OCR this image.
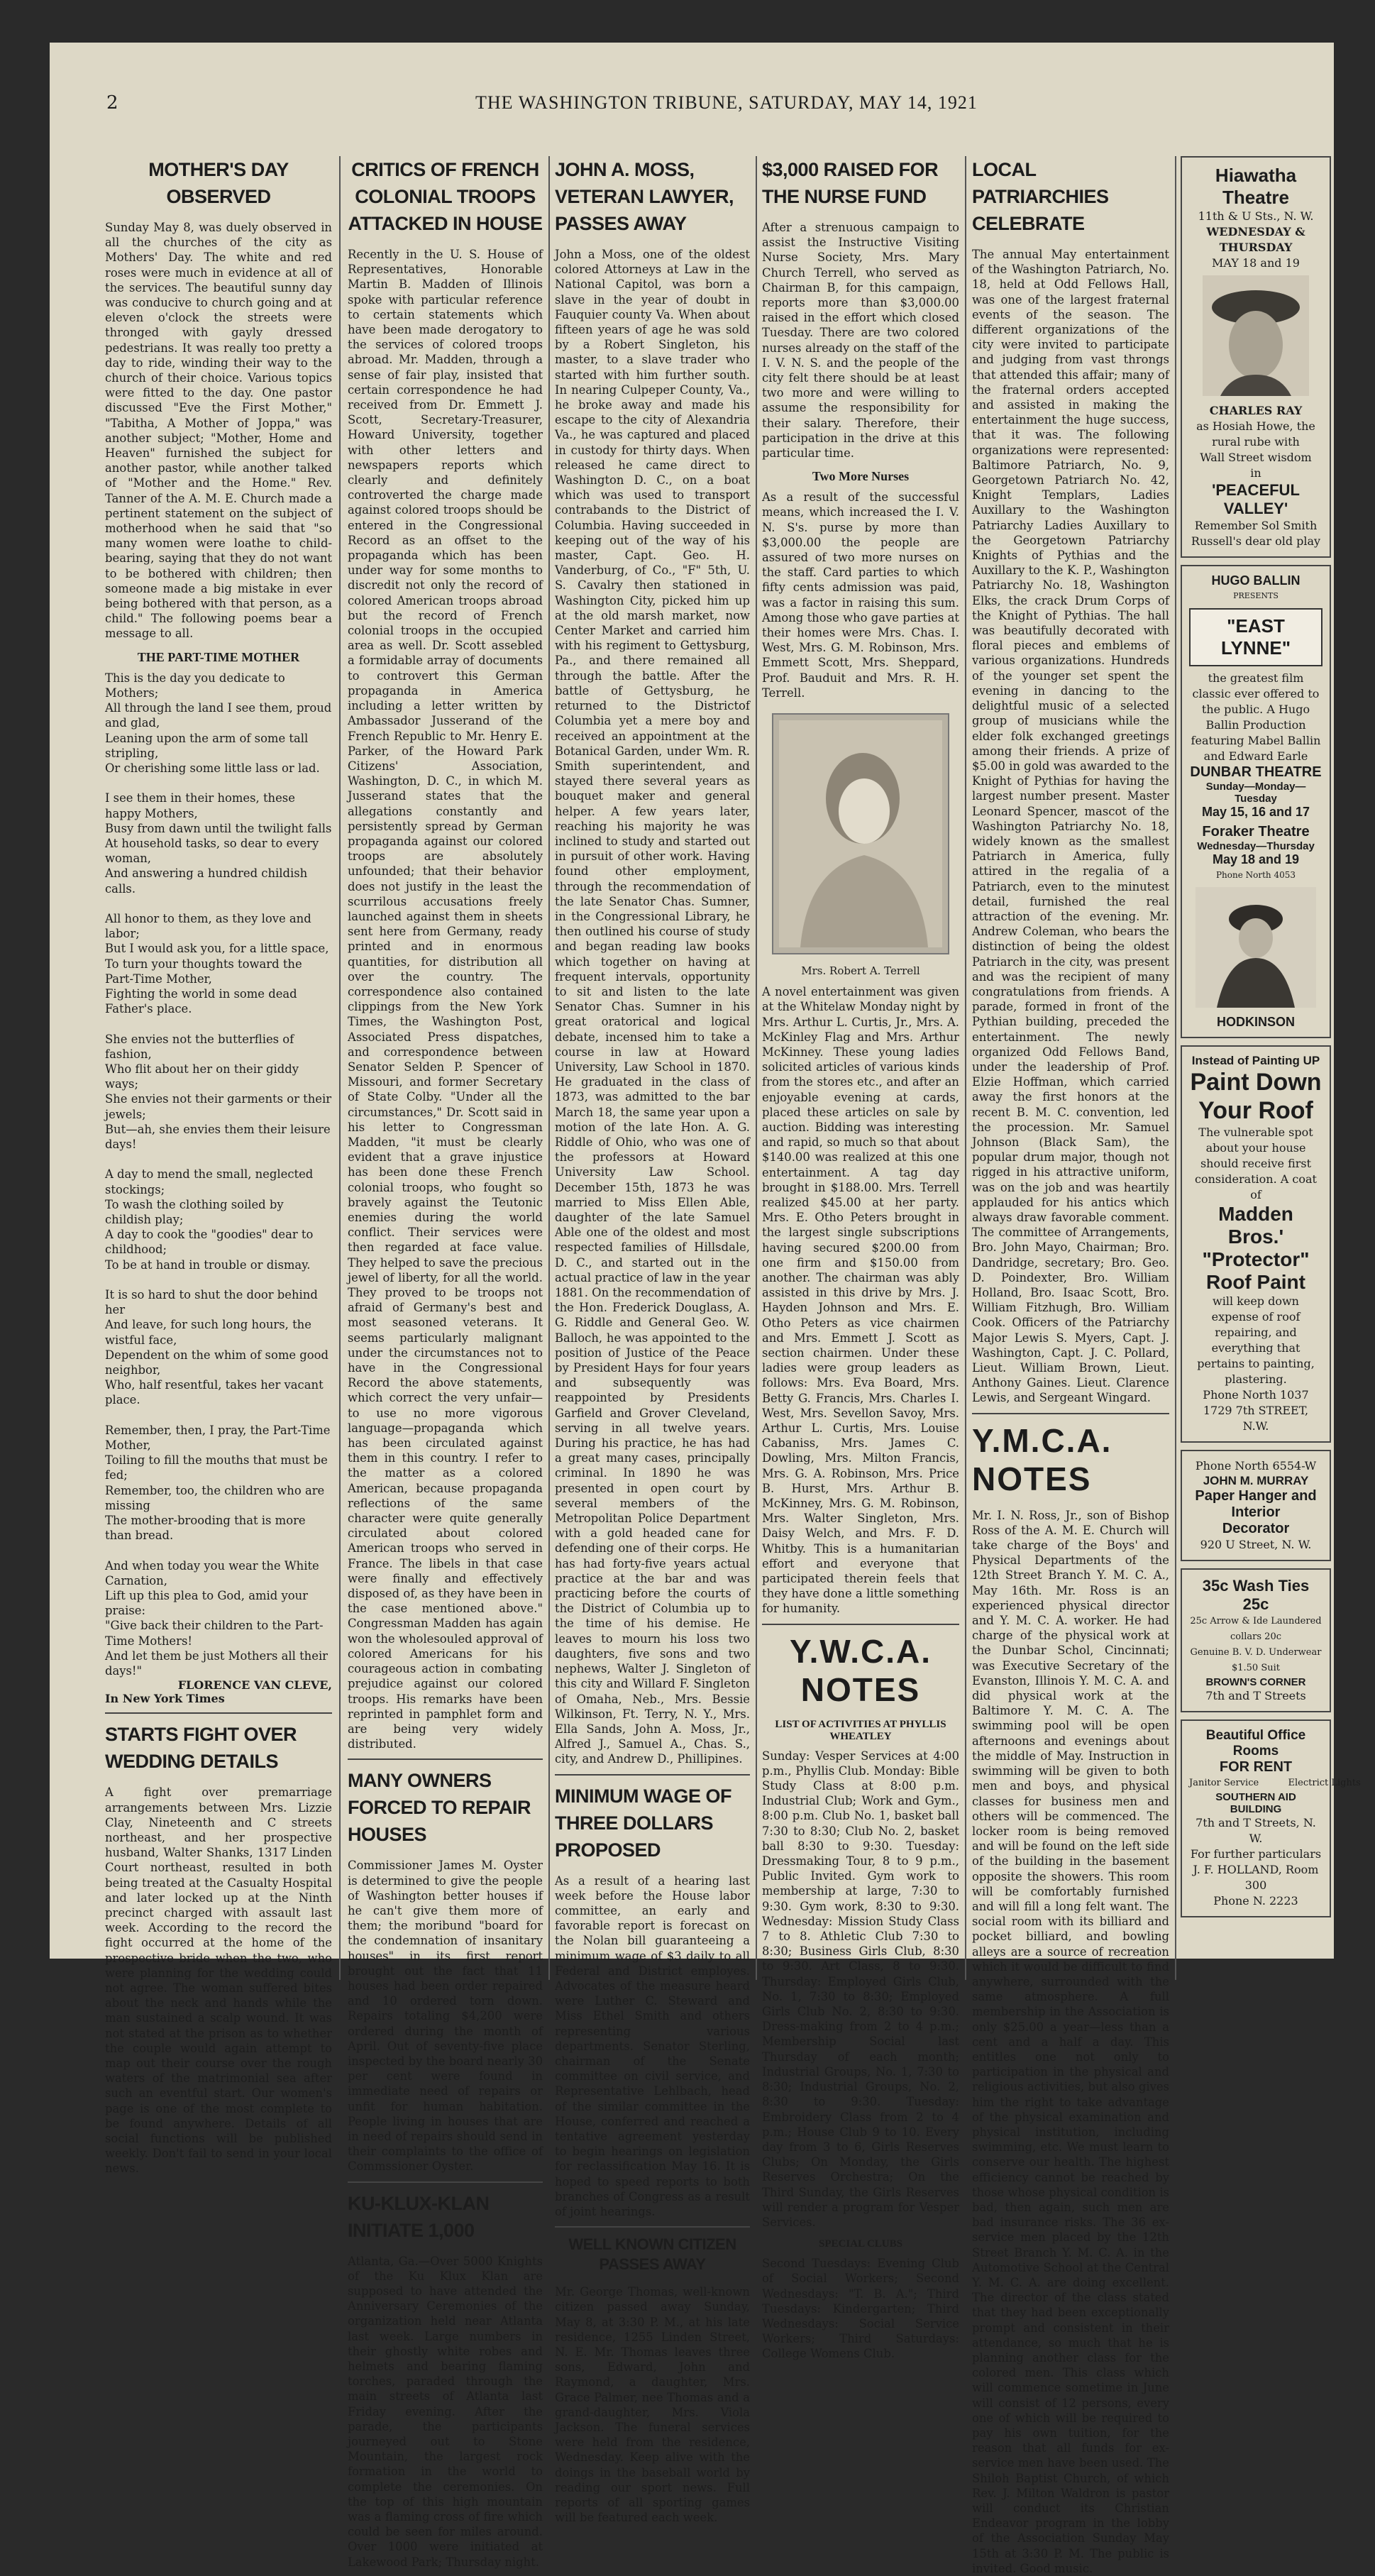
2	THE WASHINGTON TRIBUNE, SATURDAY, MAY 14, 1921
MOTHER'S DAY OBSERVED
Sunday May 8, was duely observed in all the churches of the city as Mothers' Day. The white and red roses were much in evidence at all of the services. The beautiful sunny day was conducive to church going and at eleven o'clock the streets were thronged with gayly dressed pedestrians. It was really too pretty a day to ride, winding their way to the church of their choice. Various topics were fitted to the day. One pastor discussed "Eve the First Mother," "Tabitha, A Mother of Joppa," was another subject; "Mother, Home and Heaven" furnished the subject for another pastor, while another talked of "Mother and the Home." Rev. Tanner of the A. M. E. Church made a pertinent statement on the subject of motherhood when he said that "so many women were loathe to child-bearing, saying that they do not want to be bothered with children; then someone made a big mistake in ever being bothered with that person, as a child." The following poems bear a message to all.
THE PART-TIME MOTHER
This is the day you dedicate to Mothers;
All through the land I see them, proud and glad,
Leaning upon the arm of some tall stripling,
Or cherishing some little lass or lad.

I see them in their homes, these happy Mothers,
Busy from dawn until the twilight falls
At household tasks, so dear to every woman,
And answering a hundred childish calls.

All honor to them, as they love and labor;
But I would ask you, for a little space,
To turn your thoughts toward the Part-Time Mother,
Fighting the world in some dead Father's place.

She envies not the butterflies of fashion,
Who flit about her on their giddy ways;
She envies not their garments or their jewels;
But—ah, she envies them their leisure days!

A day to mend the small, neglected stockings;
To wash the clothing soiled by childish play;
A day to cook the "goodies" dear to childhood;
To be at hand in trouble or dismay.

It is so hard to shut the door behind her
And leave, for such long hours, the wistful face,
Dependent on the whim of some good neighbor,
Who, half resentful, takes her vacant place.

Remember, then, I pray, the Part-Time Mother,
Toiling to fill the mouths that must be fed;
Remember, too, the children who are missing
The mother-brooding that is more than bread.

And when today you wear the White Carnation,
Lift up this plea to God, amid your praise:
"Give back their children to the Part-Time Mothers!
And let them be just Mothers all their days!"
FLORENCE VAN CLEVE,
In New York Times
STARTS FIGHT OVER WEDDING DETAILS
A fight over premarriage arrangements between Mrs. Lizzie Clay, Nineteenth and C streets northeast, and her prospective husband, Walter Shanks, 1317 Linden Court northeast, resulted in both being treated at the Casualty Hospital and later locked up at the Ninth precinct charged with assault last week. According to the record the fight occurred at the home of the prospective bride when the two, who were planning for the wedding could not agree. The woman suffered bites about the neck and hands while the man sustained a scalp wound. It was not stated at the prison as to whether the couple would again attempt to map out their course over the rough waters of the matrimonial sea after such an eventful start. Our women's page is one of the most complete to be found anywhere. Details of all social functions will be published weekly. Don't fail to send in your local news.
CRITICS OF FRENCH COLONIAL TROOPS ATTACKED IN HOUSE
Recently in the U. S. House of Representatives, Honorable Martin B. Madden of Illinois spoke with particular reference to certain statements which have been made derogatory to the services of colored troops abroad. Mr. Madden, through a sense of fair play, insisted that certain correspondence he had received from Dr. Emmett J. Scott, Secretary-Treasurer, Howard University, together with other letters and newspapers reports which clearly and definitely controverted the charge made against colored troops should be entered in the Congressional Record as an offset to the propaganda which has been under way for some months to discredit not only the record of colored American troops abroad but the record of French colonial troops in the occupied area as well. Dr. Scott assebled a formidable array of documents to controvert this German propaganda in America including a letter written by Ambassador Jusserand of the French Republic to Mr. Henry E. Parker, of the Howard Park Citizens' Association, Washington, D. C., in which M. Jusserand states that the allegations constantly and persistently spread by German propaganda against our colored troops are absolutely unfounded; that their behavior does not justify in the least the scurrilous accusations freely launched against them in sheets sent here from Germany, ready printed and in enormous quantities, for distribution all over the country. The correspondence also contained clippings from the New York Times, the Washington Post, Associated Press dispatches, and correspondence between Senator Selden P. Spencer of Missouri, and former Secretary of State Colby. "Under all the circumstances," Dr. Scott said in his letter to Congressman Madden, "it must be clearly evident that a grave injustice has been done these French colonial troops, who fought so bravely against the Teutonic enemies during the world conflict. Their services were then regarded at face value. They helped to save the precious jewel of liberty, for all the world. They proved to be troops not afraid of Germany's best and most seasoned veterans. It seems particularly malignant under the circumstances not to have in the Congressional Record the above statements, which correct the very unfair—to use no more vigorous language—propaganda which has been circulated against them in this country. I refer to the matter as a colored American, because propaganda reflections of the same character were quite generally circulated about colored American troops who served in France. The libels in that case were finally and effectively disposed of, as they have been in the case mentioned above." Congressman Madden has again won the wholesouled approval of colored Americans for his courageous action in combating prejudice against our colored troops. His remarks have been reprinted in pamphlet form and are being very widely distributed.
MANY OWNERS FORCED TO REPAIR HOUSES
Commissioner James M. Oyster is determined to give the people of Washington better houses if he can't give them more of them; the moribund "board for the condemnation of insanitary houses" in its first report brought out the fact that 11 houses had been order repaired and 10 ordered torn down. Repairs totaling $4,200 were ordered during the month of April. Out of seventy-five place inspected by the board nearly 30 per cent were found in immediate need of repairs or unfit for human habitation. People living in houses that are in need of repairs should send in their complaints to the office of Commssioner Oyster.
KU-KLUX-KLAN INITIATE 1,000
Atlanta, Ga.—Over 5000 Knights of the Ku Klux Klan are supposed to have attended the Anniversary Ceremonies of the organization held near Atlanta last week. Large numbers in their ghostly white robes and helmets and bearing flaming torches, paraded through the main streets of Atlanta last Friday evening. After the parade, the participants journeyed out to Stone Mountain, the largest rock formation in the world to complete the ceremonies. On the top of this high mountain was a flaming cross of fire which could be seen for miles around. Over 1000 were initiated at Lakewood Park; Thursday night.
JOHN A. MOSS, VETERAN LAWYER, PASSES AWAY
John a Moss, one of the oldest colored Attorneys at Law in the National Capitol, was born a slave in the year of doubt in Fauquier county Va. When about fifteen years of age he was sold by a Robert Singleton, his master, to a slave trader who started with him further south. In nearing Culpeper County, Va., he broke away and made his escape to the city of Alexandria Va., he was captured and placed in custody for thirty days. When released he came direct to Washington D. C., on a boat which was used to transport contrabands to the District of Columbia. Having succeeded in keeping out of the way of his master, Capt. Geo. H. Vanderburg, of Co., "F" 5th, U. S. Cavalry then stationed in Washington City, picked him up at the old marsh market, now Center Market and carried him with his regiment to Gettysburg, Pa., and there remained all through the battle. After the battle of Gettysburg, he returned to the Districtof Columbia yet a mere boy and received an appointment at the Botanical Garden, under Wm. R. Smith superintendent, and stayed there several years as bouquet maker and general helper. A few years later, reaching his majority he was inclined to study and started out in pursuit of other work. Having found other employment, through the recommendation of the late Senator Chas. Sumner, in the Congressional Library, he then outlined his course of study and began reading law books which together on having at frequent intervals, opportunity to sit and listen to the late Senator Chas. Sumner in his great oratorical and logical debate, incensed him to take a course in law at Howard University, Law School in 1870. He graduated in the class of 1873, was admitted to the bar March 18, the same year upon a motion of the late Hon. A. G. Riddle of Ohio, who was one of the professors at Howard University Law School. December 15th, 1873 he was married to Miss Ellen Able, daughter of the late Samuel Able one of the oldest and most respected families of Hillsdale, D. C., and started out in the actual practice of law in the year 1881. On the recommendation of the Hon. Frederick Douglass, A. G. Riddle and General Geo. W. Balloch, he was appointed to the position of Justice of the Peace by President Hays for four years and subsequently was reappointed by Presidents Garfield and Grover Cleveland, serving in all twelve years. During his practice, he has had a great many cases, principally criminal. In 1890 he was presented in open court by several members of the Metropolitan Police Department with a gold headed cane for defending one of their corps. He has had forty-five years actual practice at the bar and was practicing before the courts of the District of Columbia up to the time of his demise. He leaves to mourn his loss two daughters, five sons and two nephews, Walter J. Singleton of this city and Willard F. Singleton of Omaha, Neb., Mrs. Bessie Wilkinson, Ft. Terry, N. Y., Mrs. Ella Sands, John A. Moss, Jr., Alfred J., Samuel A., Chas. S., city, and Andrew D., Phillipines.
MINIMUM WAGE OF THREE DOLLARS PROPOSED
As a result of a hearing last week before the House labor committee, an early and favorable report is forecast on the Nolan bill guaranteeing a minimum wage of $3 daily to all Federal and District employes. Advocates of the measure heard were Luther C. Steward and Miss Ethel Smith and others representing various departments. Senator Sterling, chairman of the Senate committee on civil service, and Representative Lehlbach, head of the similar committee in the House, conferred and reached a tentative agreement yesterday to begin hearings on legislation for reclassification May 16. It is hoped to speed reports to both branches of Congress as a result of joint hearings.
WELL KNOWN CITIZEN PASSES AWAY
Mr. George Thomas, well-known citizen passed away Sunday, May 8, at 3:30 P. M., at his late residence, 1255 Linden Street, N. E. Mr. Thomas leaves three sons, Edward, John and Raymond, a daughter, Mrs. Grace Palmer, nee Thomas and a grand-daughter, Mrs. Viola Jackson. The funeral services were held from the residence, Wednesday. Keep alive with the doings in the baseball world by reading our sport news. Full reports of all sporting games will be featured each week.
$3,000 RAISED FOR THE NURSE FUND
After a strenuous campaign to assist the Instructive Visiting Nurse Society, Mrs. Mary Church Terrell, who served as Chairman B, for this campaign, reports more than $3,000.00 raised in the effort which closed Tuesday. There are two colored nurses already on the staff of the I. V. N. S. and the people of the city felt there should be at least two more and were willing to assume the responsibility for their salary. Therefore, their participation in the drive at this particular time.
Two More Nurses
As a result of the successful means, which increased the I. V. N. S's. purse by more than $3,000.00 the people are assured of two more nurses on the staff. Card parties to which fifty cents admission was paid, was a factor in raising this sum. Among those who gave parties at their homes were Mrs. Chas. I. West, Mrs. G. M. Robinson, Mrs. Emmett Scott, Mrs. Sheppard, Prof. Bauduit and Mrs. R. H. Terrell.
Mrs. Robert A. Terrell
A novel entertainment was given at the Whitelaw Monday night by Mrs. Arthur L. Curtis, Jr., Mrs. A. McKinley Flag and Mrs. Arthur McKinney. These young ladies solicited articles of various kinds from the stores etc., and after an enjoyable evening at cards, placed these articles on sale by auction. Bidding was interesting and rapid, so much so that about $140.00 was realized at this one entertainment. A tag day brought in $188.00. Mrs. Terrell realized $45.00 at her party. Mrs. E. Otho Peters brought in the largest single subscriptions having secured $200.00 from one firm and $150.00 from another. The chairman was ably assisted in this drive by Mrs. J. Hayden Johnson and Mrs. E. Otho Peters as vice chairmen and Mrs. Emmett J. Scott as section chairmen. Under these ladies were group leaders as follows: Mrs. Eva Board, Mrs. Betty G. Francis, Mrs. Charles I. West, Mrs. Sevellon Savoy, Mrs. Arthur L. Curtis, Mrs. Louise Cabaniss, Mrs. James C. Dowling, Mrs. Milton Francis, Mrs. G. A. Robinson, Mrs. Price B. Hurst, Mrs. Arthur B. McKinney, Mrs. G. M. Robinson, Mrs. Walter Singleton, Mrs. Daisy Welch, and Mrs. F. D. Whitby. This is a humanitarian effort and everyone that participated therein feels that they have done a little something for humanity.
Y.W.C.A. NOTES
LIST OF ACTIVITIES AT PHYLLIS WHEATLEY
Sunday: Vesper Services at 4:00 p.m., Phyllis Club. Monday: Bible Study Class at 8:00 p.m. Industrial Club; Work and Gym., 8:00 p.m. Club No. 1, basket ball 7:30 to 8:30; Club No. 2, basket ball 8:30 to 9:30. Tuesday: Dressmaking Tour, 8 to 9 p.m., Public Invited. Gym work to membership at large, 7:30 to 9:30. Gym work, 8:30 to 9:30. Wednesday: Mission Study Class 7 to 8. Athletic Club 7:30 to 8:30; Business Girls Club, 8:30 to 9:30. Art Class, 8 to 9:30. Thursday: Employed Girls Club, No. 1, 7:30 to 8:30; Employed Girls Club No. 2, 8:30 to 9:30. Dress-making from 2 to 4 p.m.; Membership Social last Thursday of each month; Industrial Groups, No. 1, 7:30 to 8:30; Industrial Groups, No. 2, 8:30 to 9:30. Tuesday: Embroidery Class from 2 to 4 p.m.; House Club 9 to 10. Every day from 3 to 6, Girls Reserves Clubs; On Monday, the Girls Reserves Orchestra; On the Third Sunday, the Girls Reserves will render a program for Vesper Services.
SPECIAL CLUBS
Second Tuesdays: Evening Club of Social Workers; Second Wednesdays: "T. B. A."; Third Tuesdays: Kindergarten; Third Wednesdays: Social Service Workers; Third Saturdays: College Womens Club.
LOCAL PATRIARCHIES CELEBRATE
The annual May entertainment of the Washington Patriarch, No. 18, held at Odd Fellows Hall, was one of the largest fraternal events of the season. The different organizations of the city were invited to participate and judging from vast throngs that attended this affair; many of the fraternal orders accepted and assisted in making the entertainment the huge success, that it was. The following organizations were represented: Baltimore Patriarch, No. 9, Georgetown Patriarch No. 42, Knight Templars, Ladies Auxillary to the Washington Patriarchy Ladies Auxillary to the Georgetown Patriarchy Knights of Pythias and the Auxillary to the K. P., Washington Patriarchy No. 18, Washington Elks, the crack Drum Corps of the Knight of Pythias. The hall was beautifully decorated with floral pieces and emblems of various organizations. Hundreds of the younger set spent the evening in dancing to the delightful music of a selected group of musicians while the elder folk exchanged greetings among their friends. A prize of $5.00 in gold was awarded to the Knight of Pythias for having the largest number present. Master Leonard Spencer, mascot of the Washington Patriarchy No. 18, widely known as the smallest Patriarch in America, fully attired in the regalia of a Patriarch, even to the minutest detail, furnished the real attraction of the evening. Mr. Andrew Coleman, who bears the distinction of being the oldest Patriarch in the city, was present and was the recipient of many congratulations from friends. A parade, formed in front of the Pythian building, preceded the entertainment. The newly organized Odd Fellows Band, under the leadership of Prof. Elzie Hoffman, which carried away the first honors at the recent B. M. C. convention, led the procession. Mr. Samuel Johnson (Black Sam), the popular drum major, though not rigged in his attractive uniform, was on the job and was heartily applauded for his antics which always draw favorable comment. The committee of Arrangements, Bro. John Mayo, Chairman; Bro. Dandridge, secretary; Bro. Geo. D. Poindexter, Bro. William Holland, Bro. Isaac Scott, Bro. William Fitzhugh, Bro. William Cook. Officers of the Patriarchy Major Lewis S. Myers, Capt. J. Washington, Capt. J. C. Pollard, Lieut. William Brown, Lieut. Anthony Gaines. Lieut. Clarence Lewis, and Sergeant Wingard.
Y.M.C.A. NOTES
Mr. I. N. Ross, Jr., son of Bishop Ross of the A. M. E. Church will take charge of the Boys' and Physical Departments of the 12th Street Branch Y. M. C. A., May 16th. Mr. Ross is an experienced physical director and Y. M. C. A. worker. He had charge of the physical work at the Dunbar Schol, Cincinnati; was Executive Secretary of the Evanston, Illinois Y. M. C. A. and did physical work at the Baltimore Y. M. C. A. The swimming pool will be open afternoons and evenings about the middle of May. Instruction in swimming will be given to both men and boys, and physical classes for business men and others will be commenced. The locker room is being removed and will be found on the left side of the building in the basement opposite the showers. This room will be comfortably furnished and will fill a long felt want. The social room with its billiard and pocket billiard, and bowling alleys are a source of recreation which it would be difficult to find anywhere, surrounded with the same atmosphere. A full membership in the Association is only $25.00 a year—less than a cent and a half a day. This entitles one not only to participation in the physical and religious activities, but also gives him the right to take advantage of the physical examination and physical institution, including swimming, etc. We must learn to conserve our health. The highest efficiency cannot be reached by those whose physical condition is bad, then again, such men are bad insurance risks. The 36 ex-service men placed by the 12th Street Branch Y. M. C. A. in the Automotive School at the Central Y. M. C. A. are doing excellent. The director of the class stated that they had been exceptionally prompt and consistent in their attendance, so much that he is planning another class for the colored men. This class which will commence sometime in June will consist of 12 persons, every one of which will be required to pay his own tuition, for the reason that all funds for ex-service men have been used. The Shiloh Baptist Church, of which Rev. J. Milton Waldron is pastor will conduct its Christian Endeavor program in the lobby of the Association Sunday May 15th at 3:30 P. M. The public is invited. Good music.
Hiawatha Theatre
11th & U Sts., N. W.
WEDNESDAY & THURSDAY
MAY 18 and 19
CHARLES RAY
as Hosiah Howe, the rural rube with
Wall Street wisdom
in
'PEACEFUL VALLEY'
Remember Sol Smith
Russell's dear old play
HUGO BALLIN
PRESENTS
"EAST LYNNE"
the greatest film classic ever offered to the public. A Hugo Ballin Production featuring Mabel Ballin and Edward Earle
DUNBAR THEATRE
Sunday—Monday—Tuesday
May 15, 16 and 17
Foraker Theatre
Wednesday—Thursday
May 18 and 19
Phone North 4053
HODKINSON
Instead of Painting UP
Paint Down
Your Roof
The vulnerable spot about your house should receive first consideration. A coat of
Madden Bros.'
"Protector"
Roof Paint
will keep down expense of roof repairing, and everything that pertains to painting, plastering.
Phone North 1037
1729 7th STREET, N.W.
Phone North 6554-W
JOHN M. MURRAY
Paper Hanger and Interior
Decorator
920 U Street, N. W.
35c Wash Ties 25c
25c Arrow & Ide Laundered collars 20c
Genuine B. V. D. Underwear $1.50 Suit
BROWN'S CORNER
7th and T Streets
Beautiful Office Rooms
FOR RENT
Janitor Service          Electrict Lights
SOUTHERN AID BUILDING
7th and T Streets, N. W.
For further particulars
J. F. HOLLAND, Room 300
Phone N. 2223
